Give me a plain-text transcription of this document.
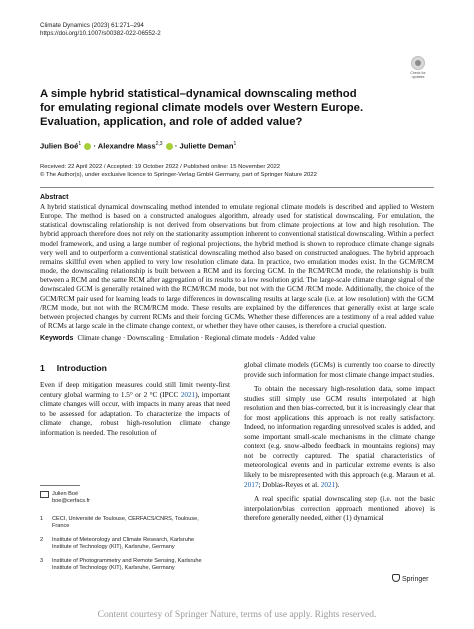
Climate Dynamics (2023) 61:271–294
https://doi.org/10.1007/s00382-022-06552-2
Check for
updates
A simple hybrid statistical–dynamical downscaling method
for emulating regional climate models over Western Europe.
Evaluation, application, and role of added value?
Julien Boé$^1$ · Alexandre Mass$^{2,3}$ · Juliette Deman$^1$
Received: 22 April 2022 / Accepted: 19 October 2022 / Published online: 15 November 2022
© The Author(s), under exclusive licence to Springer-Verlag GmbH Germany, part of Springer Nature 2022
Abstract
A hybrid statistical dynamical downscaling method intended to emulate regional climate models is described and applied to Western Europe. The method is based on a constructed analogues algorithm, already used for statistical downscaling. For emulation, the statistical downscaling relationship is not derived from observations but from climate projections at low and high resolution. The hybrid approach therefore does not rely on the stationarity assumption inherent to conventional statistical downscaling. Within a perfect model framework, and using a large number of regional projections, the hybrid method is shown to reproduce climate change signals very well and to outperform a conventional statistical downscaling method also based on constructed analogues. The hybrid approach remains skillful even when applied to very low resolution climate data. In practice, two emulation modes exist. In the GCM/RCM mode, the downscaling relationship is built between a RCM and its forcing GCM. In the RCM/RCM mode, the relationship is built between a RCM and the same RCM after aggregation of its results to a low resolution grid. The large-scale climate change signal of the downscaled GCM is generally retained with the RCM/RCM mode, but not with the GCM /RCM mode. Additionally, the choice of the GCM/RCM pair used for learning leads to large differences in downscaling results at large scale (i.e. at low resolution) with the GCM /RCM mode, but not with the RCM/RCM mode. These results are explained by the differences that generally exist at large scale between projected changes by current RCMs and their forcing GCMs. Whether these differences are a testimony of a real added value of RCMs at large scale in the climate change context, or whether they have other causes, is therefore a crucial question.
Keywords Climate change · Downscaling · Emulation · Regional climate models · Added value
1 Introduction

Even if deep mitigation measures could still limit twenty-first century global warming to 1.5° or 2 °C (IPCC 2021), important climate changes will occur, with impacts in many areas that need to be assessed for adaptation. To characterize the impacts of climate change, robust high-resolution climate change information is needed. The resolution of

global climate models (GCMs) is currently too coarse to directly provide such information for most climate change impact studies.

To obtain the necessary high-resolution data, some impact studies still simply use GCM results interpolated at high resolution and then bias-corrected, but it is increasingly clear that for most applications this approach is not really satisfactory. Indeed, no information regarding unresolved scales is added, and some important small-scale mechanisms in the climate change context (e.g. snow-albedo feedback in mountains regions) may not be correctly captured. The spatial characteristics of meteorological events and in particular extreme events is also likely to be misrepresented with this approach (e.g. Maraun et al. 2017; Doblas-Reyes et al. 2021).

A real specific spatial downscaling step (i.e. not the basic interpolation/bias correction approach mentioned above) is therefore generally needed, either (1) dynamical

Julien Boé
boe@cerfacs.fr
1	CECI, Université de Toulouse, CERFACS/CNRS, Toulouse,
France
2	Institute of Meteorology and Climate Research, Karlsruhe
Institute of Technology (KIT), Karlsruhe, Germany
3	Institute of Photogrammetry and Remote Sensing, Karlsruhe
Institute of Technology (KIT), Karlsruhe, Germany
Springer
Content courtesy of Springer Nature, terms of use apply. Rights reserved.
